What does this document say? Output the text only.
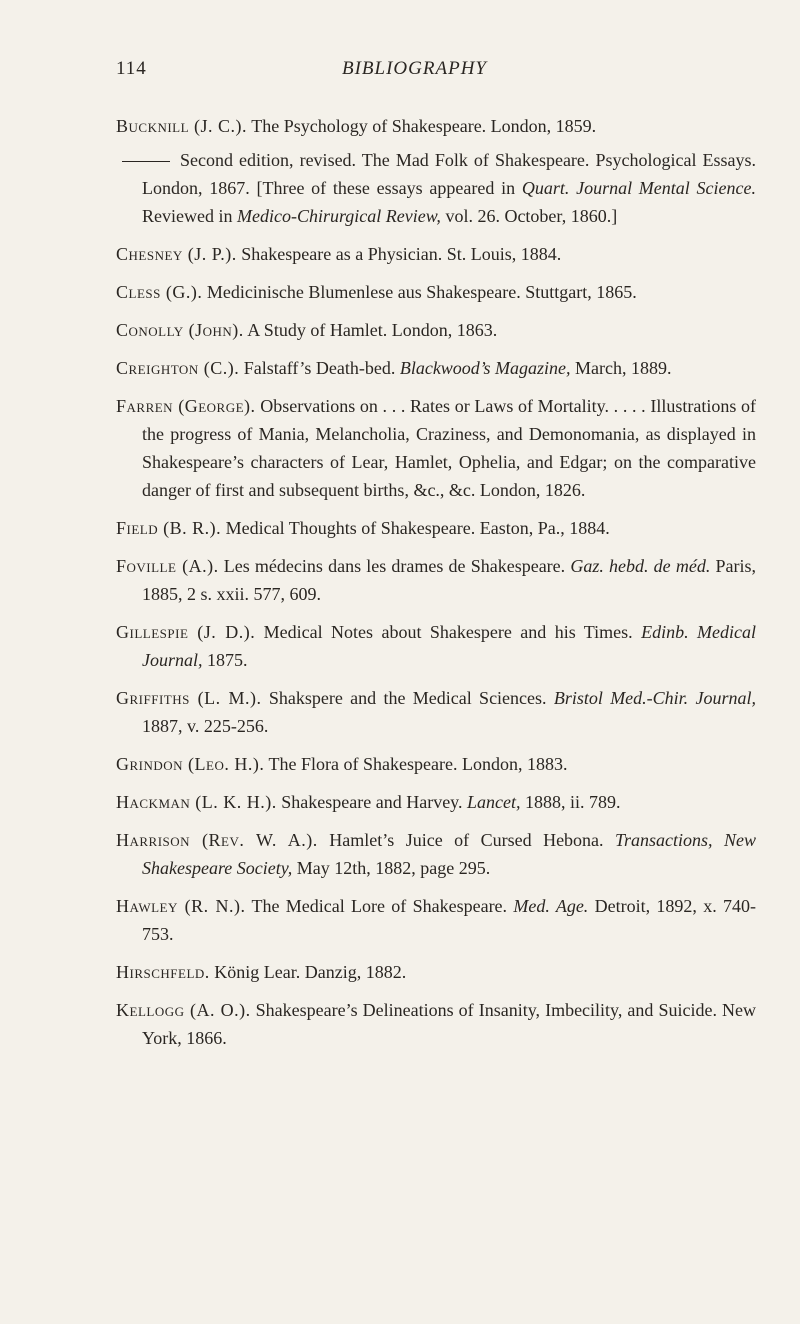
114	BIBLIOGRAPHY

Bucknill (J. C.). The Psychology of Shakespeare. London, 1859.

Second edition, revised. The Mad Folk of Shakespeare. Psychological Essays. London, 1867. [Three of these essays appeared in Quart. Journal Mental Science. Reviewed in Medico-Chirurgical Review, vol. 26. October, 1860.]

Chesney (J. P.). Shakespeare as a Physician. St. Louis, 1884.

Cless (G.). Medicinische Blumenlese aus Shakespeare. Stuttgart, 1865.

Conolly (John). A Study of Hamlet. London, 1863.

Creighton (C.). Falstaff’s Death-bed. Blackwood’s Magazine, March, 1889.

Farren (George). Observations on . . . Rates or Laws of Mortality. . . . . Illustrations of the progress of Mania, Melancholia, Craziness, and Demonomania, as displayed in Shakespeare’s characters of Lear, Hamlet, Ophelia, and Edgar; on the comparative danger of first and subsequent births, &c., &c. London, 1826.

Field (B. R.). Medical Thoughts of Shakespeare. Easton, Pa., 1884.

Foville (A.). Les médecins dans les drames de Shakespeare. Gaz. hebd. de méd. Paris, 1885, 2 s. xxii. 577, 609.

Gillespie (J. D.). Medical Notes about Shakespere and his Times. Edinb. Medical Journal, 1875.

Griffiths (L. M.). Shakspere and the Medical Sciences. Bristol Med.-Chir. Journal, 1887, v. 225-256.

Grindon (Leo. H.). The Flora of Shakespeare. London, 1883.

Hackman (L. K. H.). Shakespeare and Harvey. Lancet, 1888, ii. 789.

Harrison (Rev. W. A.). Hamlet’s Juice of Cursed Hebona. Transactions, New Shakespeare Society, May 12th, 1882, page 295.

Hawley (R. N.). The Medical Lore of Shakespeare. Med. Age. Detroit, 1892, x. 740-753.

Hirschfeld. König Lear. Danzig, 1882.

Kellogg (A. O.). Shakespeare’s Delineations of Insanity, Imbecility, and Suicide. New York, 1866.
